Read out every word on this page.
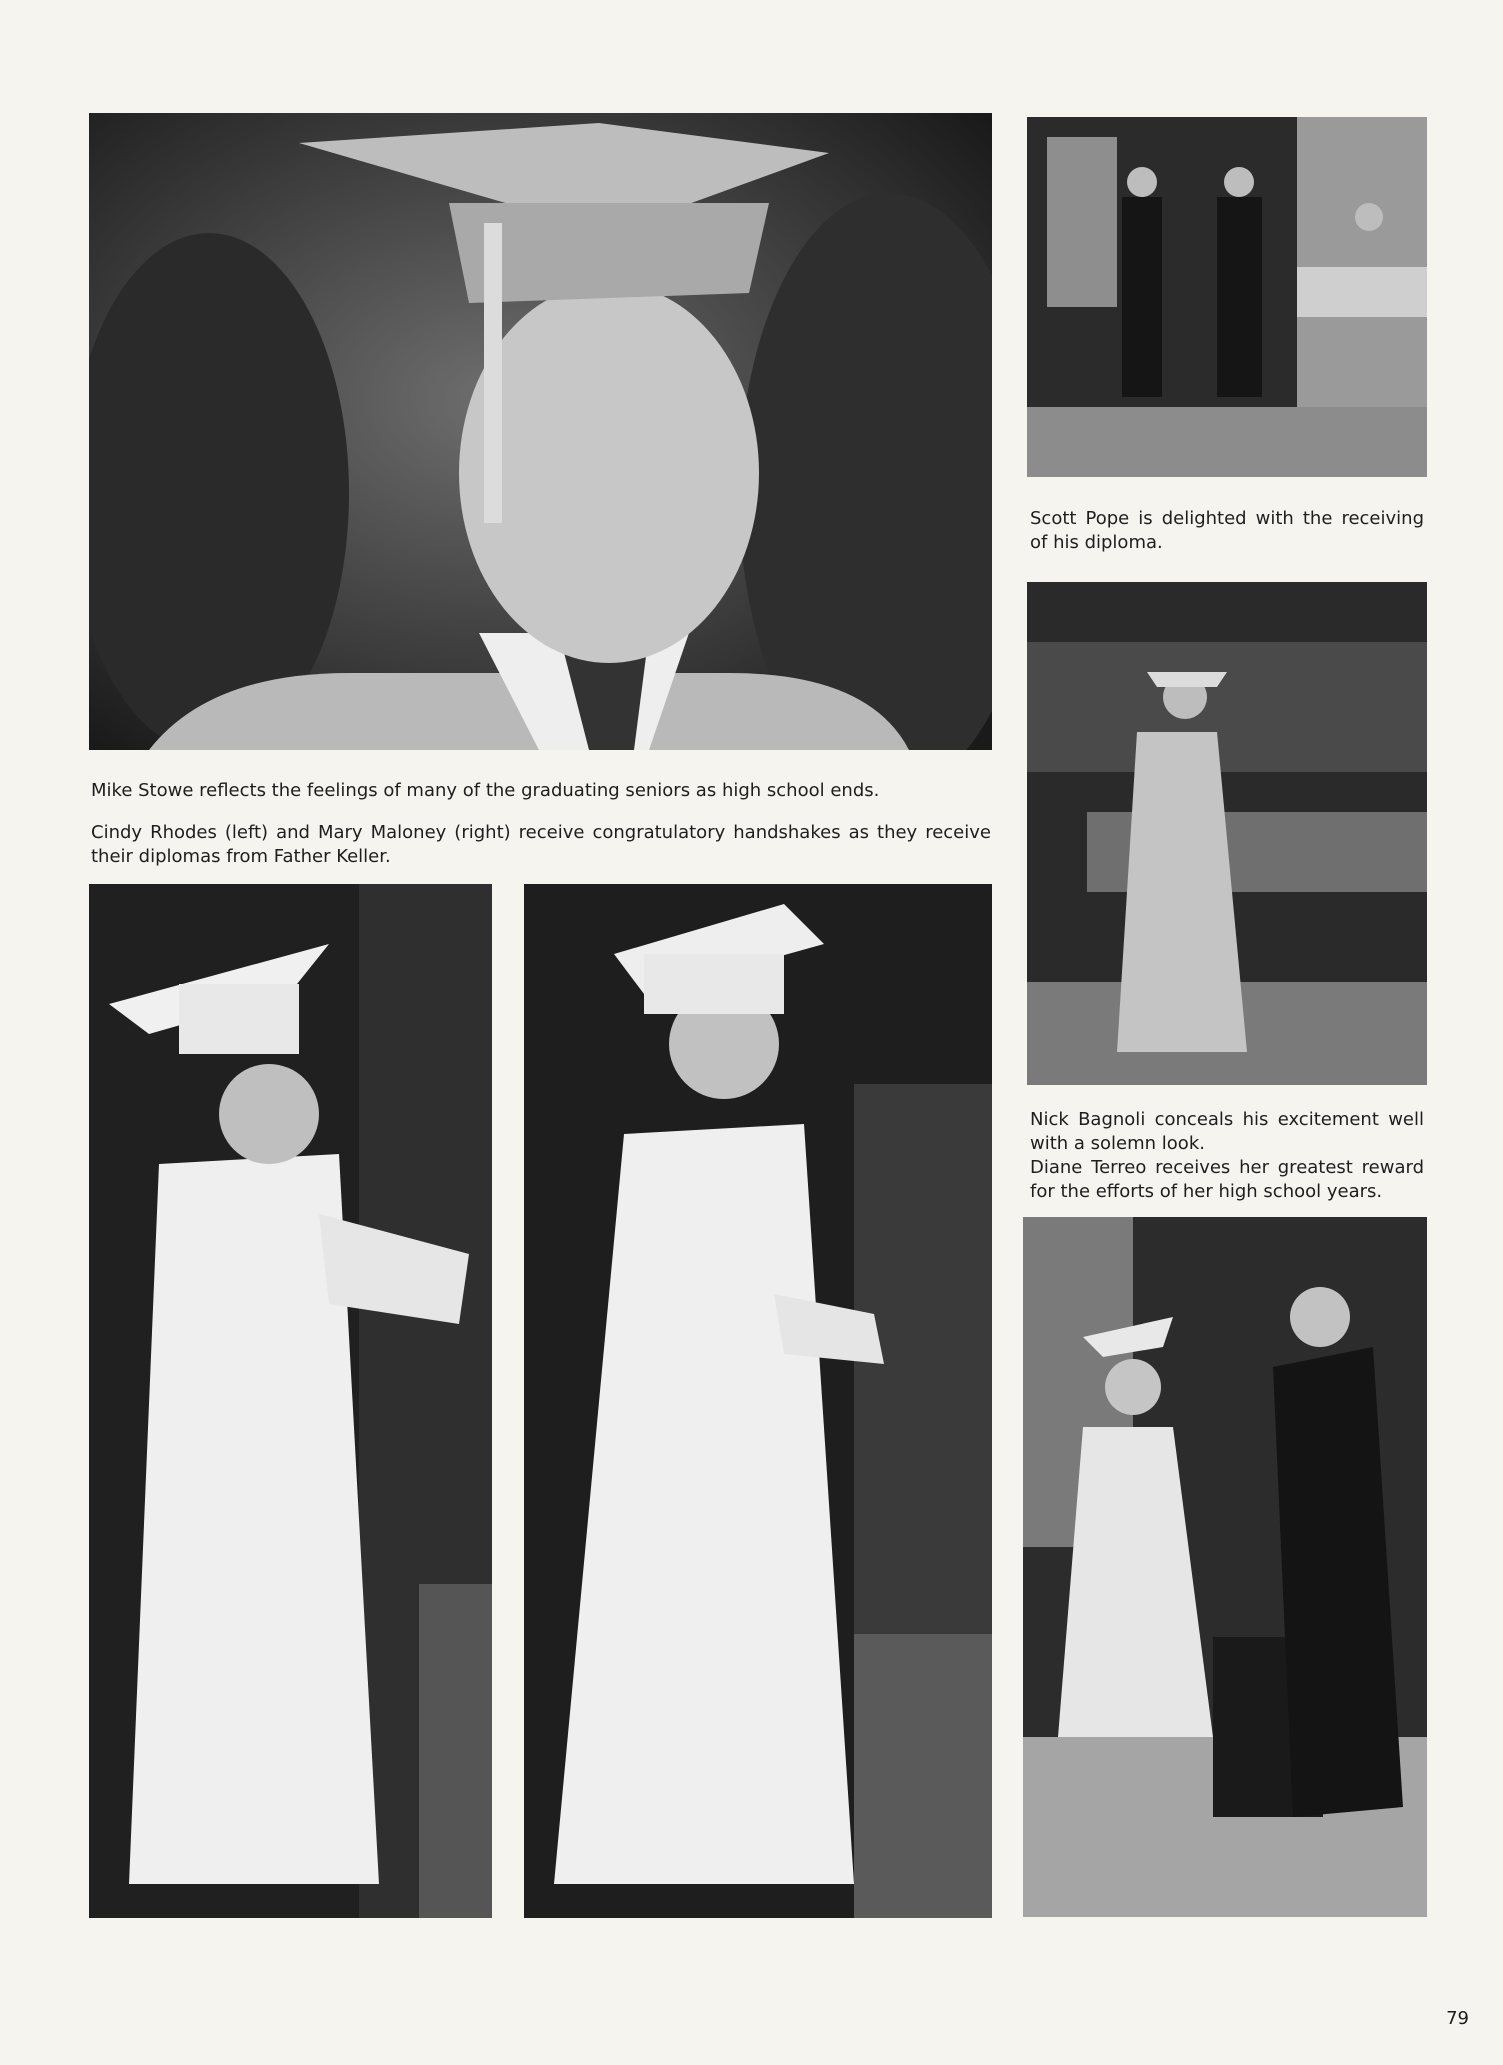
Scott Pope is delighted with the receiving of his diploma.

Nick Bagnoli conceals his excitement well with a solemn look.

Diane Terreo receives her greatest reward for the efforts of her high school years.

Mike Stowe reflects the feelings of many of the graduating seniors as high school ends.

Cindy Rhodes (left) and Mary Maloney (right) receive congratulatory handshakes as they receive their diplomas from Father Keller.

79
